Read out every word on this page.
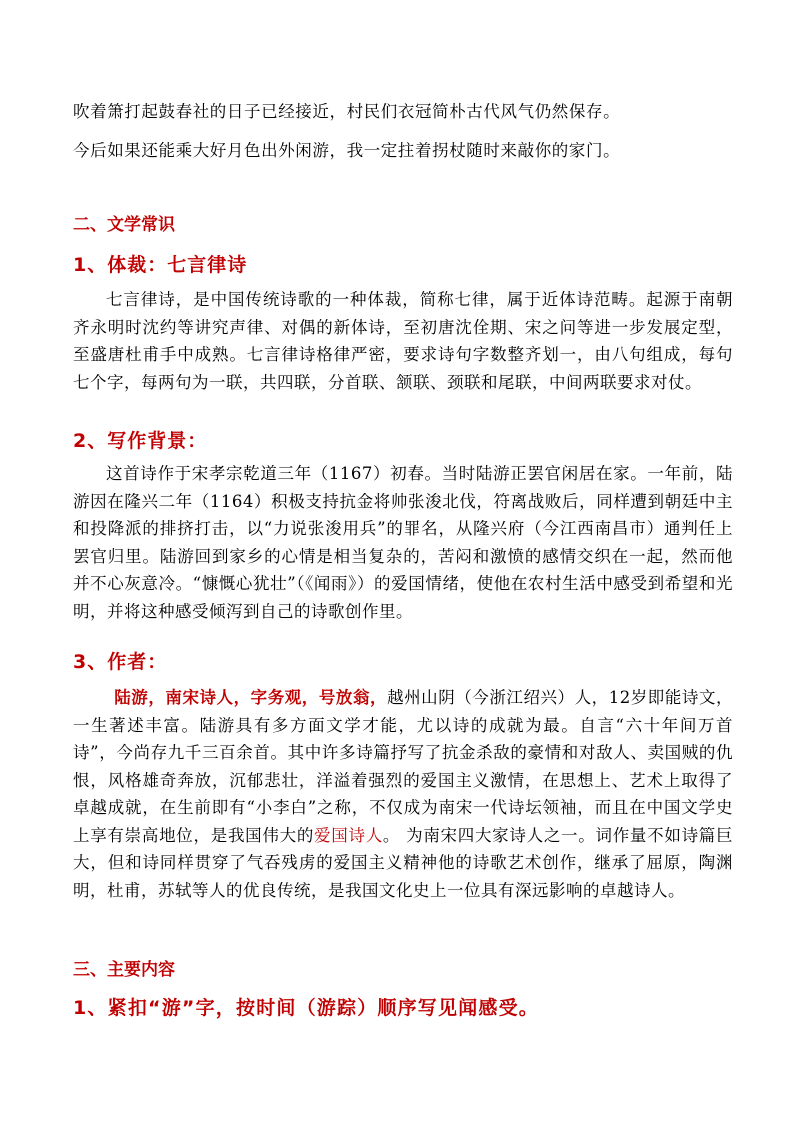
吹着箫打起鼓春社的日子已经接近，村民们衣冠简朴古代风气仍然保存。
今后如果还能乘大好月色出外闲游，我一定拄着拐杖随时来敲你的家门。
二、文学常识
1、体裁：七言律诗

七言律诗，是中国传统诗歌的一种体裁，简称七律，属于近体诗范畴。起源于南朝齐永明时沈约等讲究声律、对偶的新体诗，至初唐沈佺期、宋之问等进一步发展定型，至盛唐杜甫手中成熟。七言律诗格律严密，要求诗句字数整齐划一，由八句组成，每句七个字，每两句为一联，共四联，分首联、颔联、颈联和尾联，中间两联要求对仗。

2、写作背景：

这首诗作于宋孝宗乾道三年（1167）初春。当时陆游正罢官闲居在家。一年前，陆游因在隆兴二年（1164）积极支持抗金将帅张浚北伐，符离战败后，同样遭到朝廷中主和投降派的排挤打击，以“力说张浚用兵”的罪名，从隆兴府（今江西南昌市）通判任上罢官归里。陆游回到家乡的心情是相当复杂的，苦闷和激愤的感情交织在一起，然而他并不心灰意冷。“慷慨心犹壮”（《闻雨》）的爱国情绪，使他在农村生活中感受到希望和光明，并将这种感受倾泻到自己的诗歌创作里。

3、作者：

陆游，南宋诗人，字务观，号放翁，越州山阴（今浙江绍兴）人，12岁即能诗文，一生著述丰富。陆游具有多方面文学才能，尤以诗的成就为最。自言“六十年间万首诗”，今尚存九千三百余首。其中许多诗篇抒写了抗金杀敌的豪情和对敌人、卖国贼的仇恨，风格雄奇奔放，沉郁悲壮，洋溢着强烈的爱国主义激情，在思想上、艺术上取得了卓越成就，在生前即有“小李白”之称，不仅成为南宋一代诗坛领袖，而且在中国文学史上享有崇高地位，是我国伟大的爱国诗人。 为南宋四大家诗人之一。词作量不如诗篇巨大，但和诗同样贯穿了气吞残虏的爱国主义精神他的诗歌艺术创作，继承了屈原，陶渊明，杜甫，苏轼等人的优良传统，是我国文化史上一位具有深远影响的卓越诗人。

三、主要内容
1、紧扣“游”字，按时间（游踪）顺序写见闻感受。
